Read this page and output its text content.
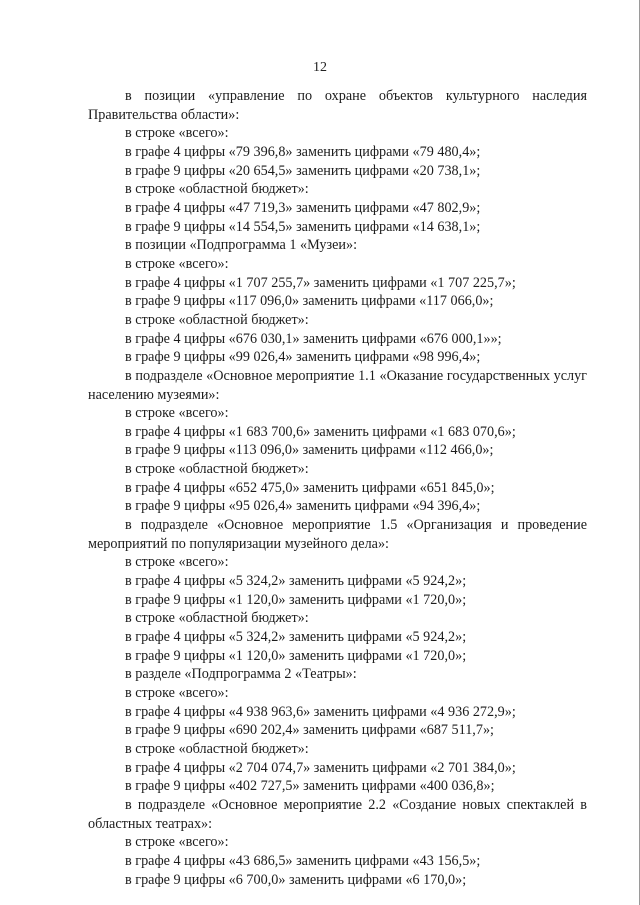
12

в позиции «управление по охране объектов культурного наследия Правительства области»:

в строке «всего»:

в графе 4 цифры «79 396,8» заменить цифрами «79 480,4»;

в графе 9 цифры «20 654,5» заменить цифрами «20 738,1»;

в строке «областной бюджет»:

в графе 4 цифры «47 719,3» заменить цифрами «47 802,9»;

в графе 9 цифры «14 554,5» заменить цифрами «14 638,1»;

в позиции «Подпрограмма 1 «Музеи»:

в строке «всего»:

в графе 4 цифры «1 707 255,7» заменить цифрами «1 707 225,7»;

в графе 9 цифры «117 096,0» заменить цифрами «117 066,0»;

в строке «областной бюджет»:

в графе 4 цифры «676 030,1» заменить цифрами «676 000,1»»;

в графе 9 цифры «99 026,4» заменить цифрами «98 996,4»;

в подразделе «Основное мероприятие 1.1 «Оказание государственных услуг населению музеями»:

в строке «всего»:

в графе 4 цифры «1 683 700,6» заменить цифрами «1 683 070,6»;

в графе 9 цифры «113 096,0» заменить цифрами «112 466,0»;

в строке «областной бюджет»:

в графе 4 цифры «652 475,0» заменить цифрами «651 845,0»;

в графе 9 цифры «95 026,4» заменить цифрами «94 396,4»;

в подразделе «Основное мероприятие 1.5 «Организация и проведение мероприятий по популяризации музейного дела»:

в строке «всего»:

в графе 4 цифры «5 324,2» заменить цифрами «5 924,2»;

в графе 9 цифры «1 120,0» заменить цифрами «1 720,0»;

в строке «областной бюджет»:

в графе 4 цифры «5 324,2» заменить цифрами «5 924,2»;

в графе 9 цифры «1 120,0» заменить цифрами «1 720,0»;

в разделе «Подпрограмма 2 «Театры»:

в строке «всего»:

в графе 4 цифры «4 938 963,6» заменить цифрами «4 936 272,9»;

в графе 9 цифры «690 202,4» заменить цифрами «687 511,7»;

в строке «областной бюджет»:

в графе 4 цифры «2 704 074,7» заменить цифрами «2 701 384,0»;

в графе 9 цифры «402 727,5» заменить цифрами «400 036,8»;

в подразделе «Основное мероприятие 2.2 «Создание новых спектаклей в областных театрах»:

в строке «всего»:

в графе 4 цифры «43 686,5» заменить цифрами «43 156,5»;

в графе 9 цифры «6 700,0» заменить цифрами «6 170,0»;
